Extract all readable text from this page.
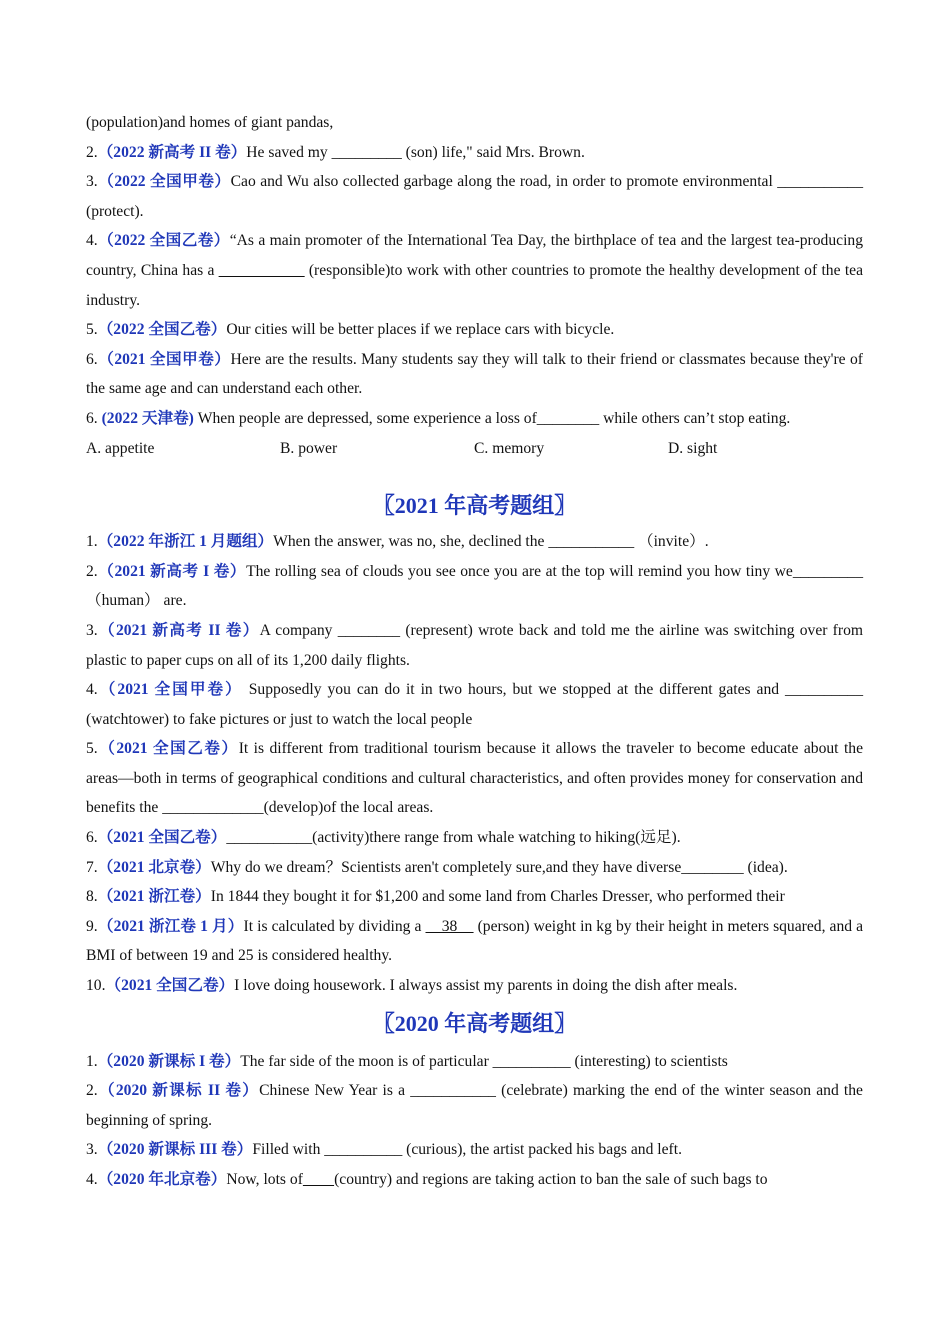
(population)and homes of giant pandas,

2.（2022 新高考 II 卷）He saved my _________ (son) life," said Mrs. Brown.

3.（2022 全国甲卷）Cao and Wu also collected garbage along the road, in order to promote environmental ___________ (protect).

4.（2022 全国乙卷）“As a main promoter of the International Tea Day, the birthplace of tea and the largest tea-producing country, China has a ___________ (responsible)to work with other countries to promote the healthy development of the tea industry.

5.（2022 全国乙卷）Our cities will be better places if we replace cars with bicycle.

6.（2021 全国甲卷）Here are the results. Many students say they will talk to their friend or classmates because they're of the same age and can understand each other.

6. (2022 天津卷) When people are depressed, some experience a loss of________ while others can’t stop eating.

A. appetite	B. power	C. memory	D. sight
〖2021 年高考题组〗

1.（2022 年浙江 1 月题组）When the answer, was no, she, declined the ___________ （invite）.

2.（2021 新高考 I 卷）The rolling sea of clouds you see once you are at the top will remind you how tiny we_________（human） are.

3.（2021 新高考 II 卷）A company ________ (represent) wrote back and told me the airline was switching over from plastic to paper cups on all of its 1,200 daily flights.

4.（2021 全国甲卷） Supposedly you can do it in two hours, but we stopped at the different gates and __________ (watchtower) to fake pictures or just to watch the local people

5.（2021 全国乙卷）It is different from traditional tourism because it allows the traveler to become educate about the areas—both in terms of geographical conditions and cultural characteristics, and often provides money for conservation and benefits the _____________(develop)of the local areas.

6.（2021 全国乙卷）___________(activity)there range from whale watching to hiking(远足).

7.（2021 北京卷）Why do we dream？Scientists aren't completely sure,and they have diverse________ (idea).

8.（2021 浙江卷）In 1844 they bought it for $1,200 and some land from Charles Dresser, who performed their

9.（2021 浙江卷 1 月）It is calculated by dividing a     38     (person) weight in kg by their height in meters squared, and a BMI of between 19 and 25 is considered healthy.

10.（2021 全国乙卷）I love doing housework. I always assist my parents in doing the dish after meals.

〖2020 年高考题组〗

1.（2020 新课标 I 卷）The far side of the moon is of particular __________ (interesting) to scientists

2.（2020 新课标 II 卷）Chinese New Year is a ___________ (celebrate) marking the end of the winter season and the beginning of spring.

3.（2020 新课标 III 卷）Filled with __________ (curious), the artist packed his bags and left.

4.（2020 年北京卷）Now, lots of (country) and regions are taking action to ban the sale of such bags to
